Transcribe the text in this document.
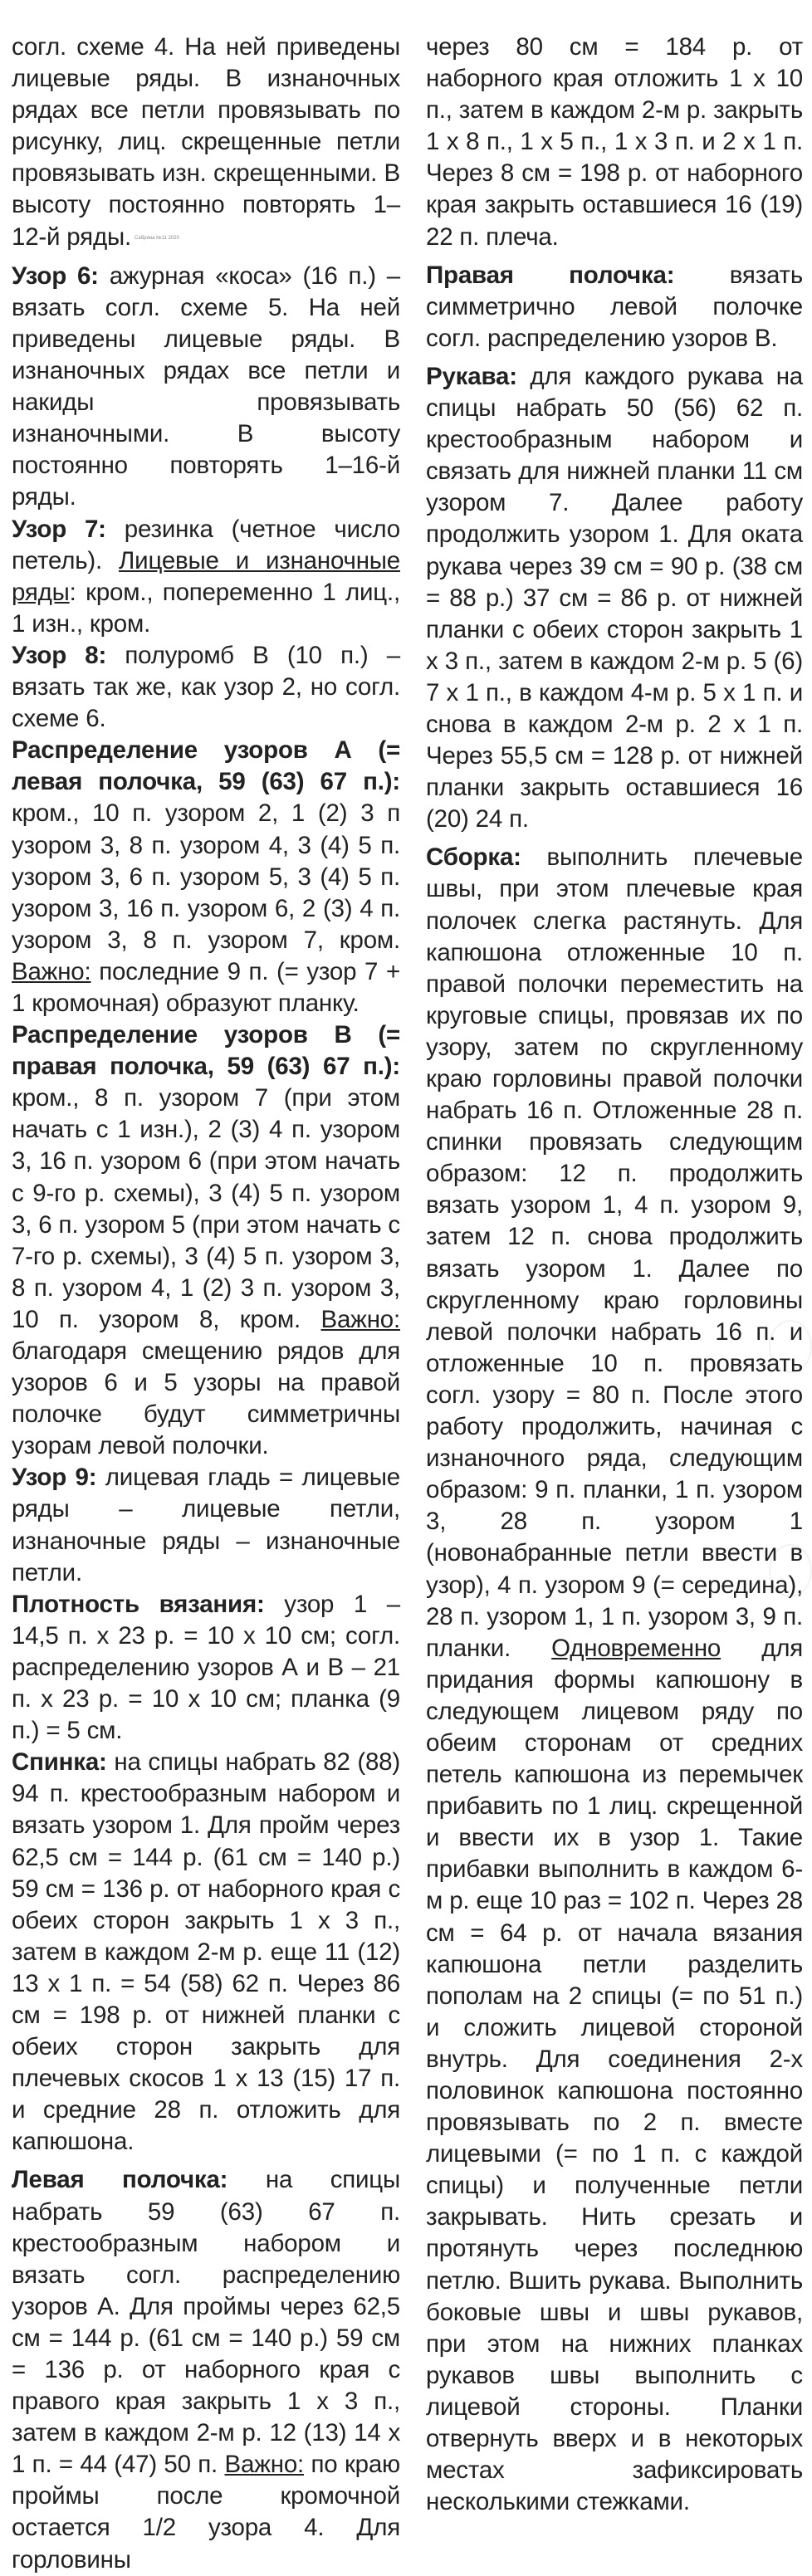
согл. схеме 4. На ней приведены лицевые ряды. В изнаночных рядах все петли провязывать по рисунку, лиц. скрещенные петли провязывать изн. скрещенными. В высоту постоянно повторять 1–12-й ряды. Сабрина №11 2020

Узор 6: ажурная «коса» (16 п.) – вязать согл. схеме 5. На ней приведены лицевые ряды. В изнаночных рядах все петли и накиды провязывать изнаночными. В высоту постоянно повторять 1–16-й ряды.

Узор 7: резинка (четное число петель). Лицевые и изнаночные ряды: кром., попеременно 1 лиц., 1 изн., кром.

Узор 8: полуромб В (10 п.) – вязать так же, как узор 2, но согл. схеме 6.

Распределение узоров А (= левая полочка, 59 (63) 67 п.): кром., 10 п. узором 2, 1 (2) 3 п узором 3, 8 п. узором 4, 3 (4) 5 п. узором 3, 6 п. узором 5, 3 (4) 5 п. узором 3, 16 п. узором 6, 2 (3) 4 п. узором 3, 8 п. узором 7, кром. Важно: последние 9 п. (= узор 7 + 1 кромочная) образуют планку.

Распределение узоров В (= правая полочка, 59 (63) 67 п.): кром., 8 п. узором 7 (при этом начать с 1 изн.), 2 (3) 4 п. узором 3, 16 п. узором 6 (при этом начать с 9-го р. схемы), 3 (4) 5 п. узором 3, 6 п. узором 5 (при этом начать с 7-го р. схемы), 3 (4) 5 п. узором 3, 8 п. узором 4, 1 (2) 3 п. узором 3, 10 п. узором 8, кром. Важно: благодаря смещению рядов для узоров 6 и 5 узоры на правой полочке будут симметричны узорам левой полочки.

Узор 9: лицевая гладь = лицевые ряды – лицевые петли, изнаночные ряды – изнаночные петли.

Плотность вязания: узор 1 – 14,5 п. х 23 р. = 10 х 10 см; согл. распределению узоров А и В – 21 п. х 23 р. = 10 х 10 см; планка (9 п.) = 5 см.

Спинка: на спицы набрать 82 (88) 94 п. крестообразным набором и вязать узором 1. Для пройм через 62,5 см = 144 р. (61 см = 140 р.) 59 см = 136 р. от наборного края с обеих сторон закрыть 1 х 3 п., затем в каждом 2-м р. еще 11 (12) 13 х 1 п. = 54 (58) 62 п. Через 86 см = 198 р. от нижней планки с обеих сторон закрыть для плечевых скосов 1 х 13 (15) 17 п. и средние 28 п. отложить для капюшона.

Левая полочка: на спицы набрать 59 (63) 67 п. крестообразным набором и вязать согл. распределению узоров А. Для проймы через 62,5 см = 144 р. (61 см = 140 р.) 59 см = 136 р. от наборного края с правого края закрыть 1 х 3 п., затем в каждом 2-м р. 12 (13) 14 х 1 п. = 44 (47) 50 п. Важно: по краю проймы после кромочной остается 1/2 узора 4. Для горловины

через 80 см = 184 р. от наборного края отложить 1 х 10 п., затем в каждом 2-м р. закрыть 1 х 8 п., 1 х 5 п., 1 х 3 п. и 2 х 1 п. Через 8 см = 198 р. от наборного края закрыть оставшиеся 16 (19) 22 п. плеча.

Правая полочка: вязать симметрично левой полочке согл. распределению узоров В.

Рукава: для каждого рукава на спицы набрать 50 (56) 62 п. крестообразным набором и связать для нижней планки 11 см узором 7. Далее работу продолжить узором 1. Для оката рукава через 39 см = 90 р. (38 см = 88 р.) 37 см = 86 р. от нижней планки с обеих сторон закрыть 1 х 3 п., затем в каждом 2-м р. 5 (6) 7 х 1 п., в каждом 4-м р. 5 х 1 п. и снова в каждом 2-м р. 2 х 1 п. Через 55,5 см = 128 р. от нижней планки закрыть оставшиеся 16 (20) 24 п.

Сборка: выполнить плечевые швы, при этом плечевые края полочек слегка растянуть. Для капюшона отложенные 10 п. правой полочки переместить на круговые спицы, провязав их по узору, затем по скругленному краю горловины правой полочки набрать 16 п. Отложенные 28 п. спинки провязать следующим образом: 12 п. продолжить вязать узором 1, 4 п. узором 9, затем 12 п. снова продолжить вязать узором 1. Далее по скругленному краю горловины левой полочки набрать 16 п. и отложенные 10 п. провязать согл. узору = 80 п. После этого работу продолжить, начиная с изнаночного ряда, следующим образом: 9 п. планки, 1 п. узором 3, 28 п. узором 1 (новонабранные петли ввести в узор), 4 п. узором 9 (= середина), 28 п. узором 1, 1 п. узором 3, 9 п. планки. Одновременно для придания формы капюшону в следующем лицевом ряду по обеим сторонам от средних петель капюшона из перемычек прибавить по 1 лиц. скрещенной и ввести их в узор 1. Такие прибавки выполнить в каждом 6-м р. еще 10 раз = 102 п. Через 28 см = 64 р. от начала вязания капюшона петли разделить пополам на 2 спицы (= по 51 п.) и сложить лицевой стороной внутрь. Для соединения 2-х половинок капюшона постоянно провязывать по 2 п. вместе лицевыми (= по 1 п. с каждой спицы) и полученные петли закрывать. Нить срезать и протянуть через последнюю петлю. Вшить рукава. Выполнить боковые швы и швы рукавов, при этом на нижних планках рукавов швы выполнить с лицевой стороны. Планки отвернуть вверх и в некоторых местах зафиксировать несколькими стежками.
